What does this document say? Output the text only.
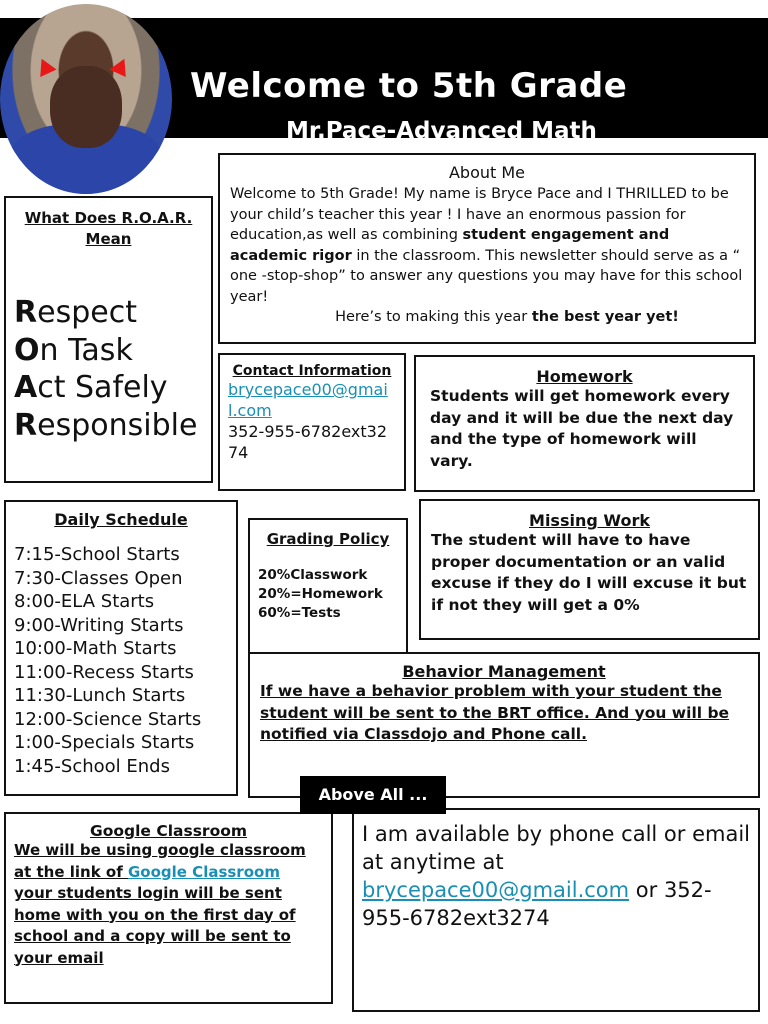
Welcome to 5th Grade
Mr.Pace-Advanced Math
About Me
Welcome to 5th Grade! My name is Bryce Pace and I THRILLED to be your child’s teacher this year ! I have an enormous passion for education,as well as combining student engagement and academic rigor in the classroom. This newsletter should serve as a “ one -stop-shop” to answer any questions you may have for this school year!
Here’s to making this year the best year yet!
What Does R.O.A.R. Mean
Respect
On Task
Act Safely
Responsible
Contact Information
brycepace00@gmail.com
352-955-6782ext3274
Homework
Students will get homework every day and it will be due the next day and the type of homework will vary.
Daily Schedule
7:15-School Starts
7:30-Classes Open
8:00-ELA Starts
9:00-Writing Starts
10:00-Math Starts
11:00-Recess Starts
11:30-Lunch Starts
12:00-Science Starts
1:00-Specials Starts
1:45-School Ends
Grading Policy
20%Classwork
20%=Homework
60%=Tests
Missing Work
The student will have to have proper documentation or an valid excuse if they do I will excuse it but if not they will get a 0%
Behavior Management
If we have a behavior problem with your student the student will be sent to the BRT office. And you will be notified via Classdojo and Phone call.
Google Classroom
We will be using google classroom at the link of Google Classroom your students login will be sent home with you on the first day of school and a copy will be sent to your email
I am available by phone call or email at anytime at brycepace00@gmail.com or 352-955-6782ext3274
Above All ...
